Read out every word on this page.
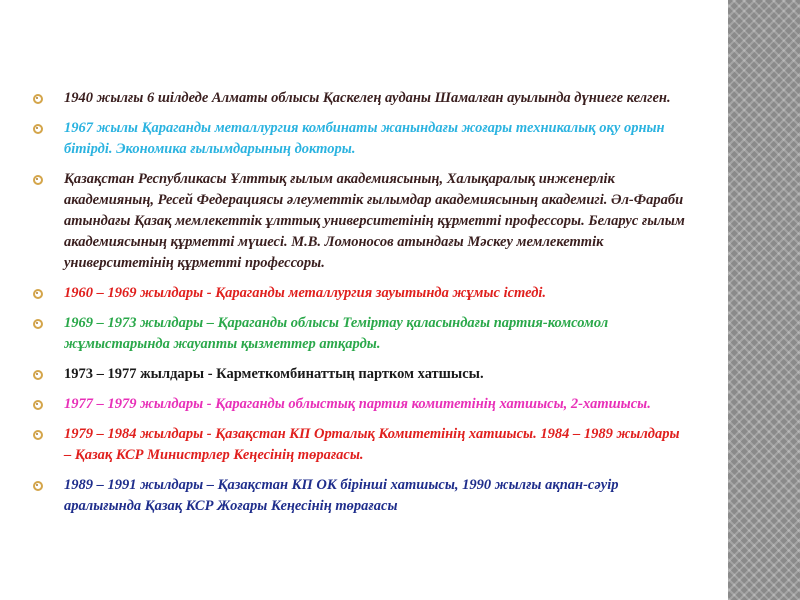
1940 жылғы 6 шілдеде Алматы облысы Қаскелең ауданы Шамалған ауылында дүниеге келген.
1967 жылы Қараганды металлургия комбинаты жанындағы жоғары техникалық оқу орнын бітірді. Экономика ғылымдарының докторы.
Қазақстан Республикасы Ұлттық ғылым академиясының, Халықаралық инженерлік академияның, Ресей Федерациясы әлеуметтік ғылымдар академиясының академигі. Әл-Фараби атындағы Қазақ мемлекеттік ұлттық университетінің құрметті профессоры. Беларус ғылым академиясының құрметті мүшесі. М.В. Ломоносов атындағы Мәскеу мемлекеттік университетінің құрметті профессоры.
1960 – 1969 жылдары - Қараганды металлургия зауытында жұмыс істеді.
1969 – 1973 жылдары – Қараганды облысы Теміртау қаласындағы партия-комсомол жұмыстарында жауапты қызметтер атқарды.
1973 – 1977 жылдары - Карметкомбинаттың партком хатшысы.
1977 – 1979 жылдары - Қараганды облыстық партия комитетінің хатшысы, 2-хатшысы.
1979 – 1984 жылдары - Қазақстан КП Орталық Комитетінің хатшысы. 1984 – 1989 жылдары – Қазақ КСР Министрлер Кеңесінің төрағасы.
1989 – 1991 жылдары – Қазақстан КП ОК бірінші хатшысы, 1990 жылғы ақпан-сәуір аралығында Қазақ КСР Жоғары Кеңесінің төрағасы
